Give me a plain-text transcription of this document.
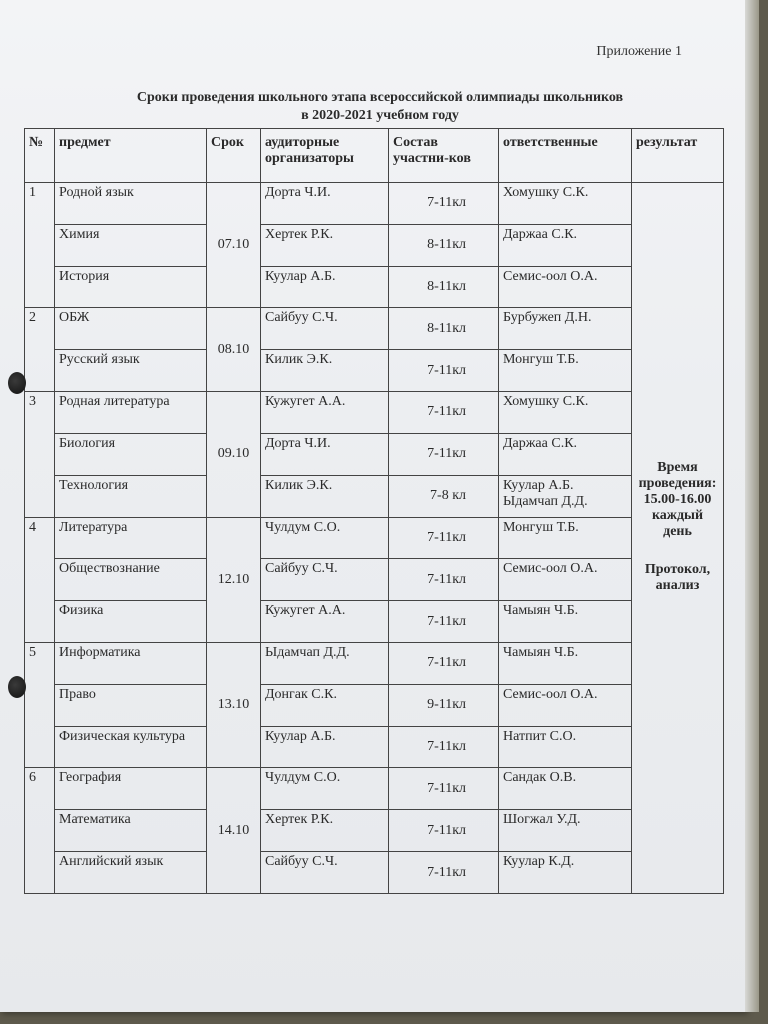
Приложение 1
Сроки проведения школьного этапа всероссийской олимпиады школьников
в 2020-2021 учебном году
№	предмет	Срок	аудиторные организаторы	Состав участни-ков	ответственные	результат
1	Родной язык	07.10	Дорта Ч.И.	7-11кл	Хомушку С.К.	Время проведения: 15.00-16.00 каждый день
Протокол, анализ

	Химия		Хертек Р.К.	8-11кл	Даржаа С.К.	
	История		Куулар А.Б.	8-11кл	Семис-оол О.А.	
2	ОБЖ	08.10	Сайбуу С.Ч.	8-11кл	Бурбужеп Д.Н.	
	Русский язык		Килик Э.К.	7-11кл	Монгуш Т.Б.	
3	Родная литература	09.10	Кужугет А.А.	7-11кл	Хомушку С.К.	
	Биология		Дорта Ч.И.	7-11кл	Даржаа С.К.	
	Технология		Килик Э.К.	7-8 кл	Куулар А.Б. Ыдамчап Д.Д.	
4	Литература	12.10	Чулдум С.О.	7-11кл	Монгуш Т.Б.	
	Обществознание		Сайбуу С.Ч.	7-11кл	Семис-оол О.А.	
	Физика		Кужугет А.А.	7-11кл	Чамыян Ч.Б.	
5	Информатика	13.10	Ыдамчап Д.Д.	7-11кл	Чамыян Ч.Б.	
	Право		Донгак С.К.	9-11кл	Семис-оол О.А.	
	Физическая культура		Куулар А.Б.	7-11кл	Натпит С.О.	
6	География	14.10	Чулдум С.О.	7-11кл	Сандак О.В.	
	Математика		Хертек Р.К.	7-11кл	Шогжал У.Д.	
	Английский язык		Сайбуу С.Ч.	7-11кл	Куулар К.Д.	
